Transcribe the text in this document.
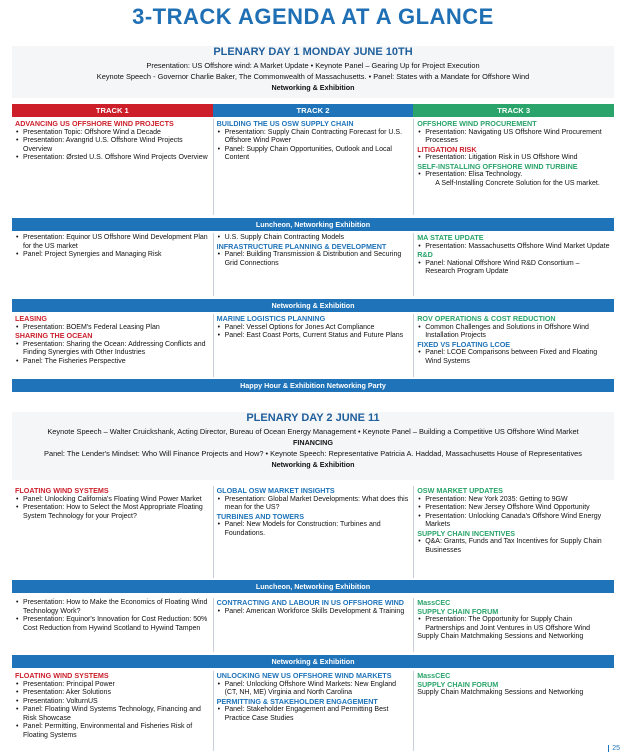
3-TRACK AGENDA AT A GLANCE
PLENARY DAY 1 MONDAY JUNE 10TH
Presentation: US Offshore wind: A Market Update • Keynote Panel – Gearing Up for Project Execution
Keynote Speech - Governor Charlie Baker, The Commonwealth of Massachusetts. • Panel: States with a Mandate for Offshore Wind
Networking & Exhibition
TRACK 1	TRACK 2	TRACK 3
ADVANCING US OFFSHORE WIND PROJECTS
• Presentation Topic: Offshore Wind a Decade
• Presentation: Avangrid U.S. Offshore Wind Projects Overview
• Presentation: Ørsted U.S. Offshore Wind Projects Overview
BUILDING THE US OSW SUPPLY CHAIN
• Presentation: Supply Chain Contracting Forecast for U.S. Offshore Wind Power
• Panel: Supply Chain Opportunities, Outlook and Local Content
OFFSHORE WIND PROCUREMENT
• Presentation: Navigating US Offshore Wind Procurement Processes
LITIGATION RISK
• Presentation: Litigation Risk in US Offshore Wind
SELF-INSTALLING OFFSHORE WIND TURBINE
• Presentation: Elisa Technology.
A Self-Installing Concrete Solution for the US market.
Luncheon, Networking Exhibition
• Presentation: Equinor US Offshore Wind Development Plan for the US market
• Panel: Project Synergies and Managing Risk
• U.S. Supply Chain Contracting Models
INFRASTRUCTURE PLANNING & DEVELOPMENT
• Panel: Building Transmission & Distribution and Securing Grid Connections
MA STATE UPDATE
• Presentation: Massachusetts Offshore Wind Market Update
R&D
• Panel: National Offshore Wind R&D Consortium – Research Program Update
Networking & Exhibition
LEASING
• Presentation: BOEM's Federal Leasing Plan
SHARING THE OCEAN
• Presentation: Sharing the Ocean: Addressing Conflicts and Finding Synergies with Other Industries
• Panel: The Fisheries Perspective
MARINE LOGISTICS PLANNING
• Panel: Vessel Options for Jones Act Compliance
• Panel: East Coast Ports, Current Status and Future Plans
ROV OPERATIONS & COST REDUCTION
• Common Challenges and Solutions in Offshore Wind Installation Projects
FIXED VS FLOATING LCOE
• Panel: LCOE Comparisons between Fixed and Floating Wind Systems
Happy Hour & Exhibition Networking Party
PLENARY DAY 2 JUNE 11
Keynote Speech – Walter Cruickshank, Acting Director, Bureau of Ocean Energy Management • Keynote Panel – Building a Competitive US Offshore Wind Market
FINANCING
Panel: The Lender's Mindset: Who Will Finance Projects and How? • Keynote Speech: Representative Patricia A. Haddad, Massachusetts House of Representatives
Networking & Exhibition
FLOATING WIND SYSTEMS
• Panel: Unlocking California's Floating Wind Power Market
• Presentation: How to Select the Most Appropriate Floating System Technology for your Project?
GLOBAL OSW MARKET INSIGHTS
• Presentation: Global Market Developments: What does this mean for the US?
TURBINES AND TOWERS
• Panel: New Models for Construction: Turbines and Foundations.
OSW MARKET UPDATES
• Presentation: New York 2035: Getting to 9GW
• Presentation: New Jersey Offshore Wind Opportunity
• Presentation: Unlocking Canada's Offshore Wind Energy Markets
SUPPLY CHAIN INCENTIVES
• Q&A: Grants, Funds and Tax Incentives for Supply Chain Businesses
Luncheon, Networking Exhibition
• Presentation: How to Make the Economics of Floating Wind Technology Work?
• Presentation: Equinor's Innovation for Cost Reduction: 50% Cost Reduction from Hywind Scotland to Hywind Tampen
CONTRACTING AND LABOUR IN US OFFSHORE WIND
• Panel: American Workforce Skills Development & Training
MassCEC
SUPPLY CHAIN FORUM
• Presentation: The Opportunity for Supply Chain Partnerships and Joint Ventures in US Offshore Wind
Supply Chain Matchmaking Sessions and Networking
Networking & Exhibition
FLOATING WIND SYSTEMS
• Presentation: Principal Power
• Presentation: Aker Solutions
• Presentation: VolturnUS
• Panel: Floating Wind Systems Technology, Financing and Risk Showcase
• Panel: Permitting, Environmental and Fisheries Risk of Floating Systems
UNLOCKING NEW US OFFSHORE WIND MARKETS
• Panel: Unlocking Offshore Wind Markets: New England (CT, NH, ME) Virginia and North Carolina
PERMITTING & STAKEHOLDER ENGAGEMENT
• Panel: Stakeholder Engagement and Permitting Best Practice Case Studies
MassCEC
SUPPLY CHAIN FORUM
Supply Chain Matchmaking Sessions and Networking
25
